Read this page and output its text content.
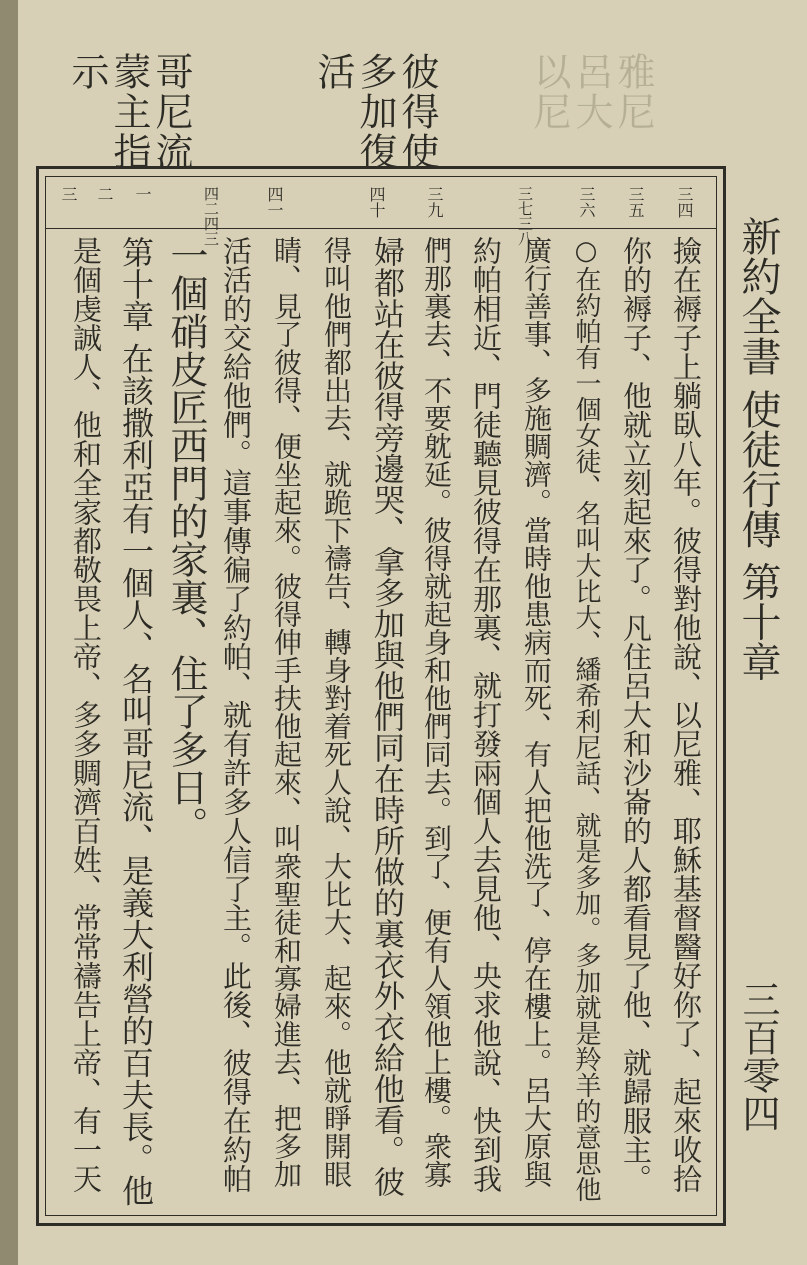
哥尼流
蒙主指
示	彼得使
多加復
活	雅尼
呂大
以尼
新約全書 使徒行傳 第十章
三百零四
三四
三五
三六
三七三八
三九
四十
四一
四二四三
一
二
三
撿在褥子上躺臥八年。彼得對他說、以尼雅、耶穌基督醫好你了、起來收拾
你的褥子、他就立刻起來了。凡住呂大和沙崙的人都看見了他、就歸服主。
○在約帕有一個女徒、名叫大比大、繙希利尼話、就是多加。多加就是羚羊的意思他
廣行善事、多施賙濟。當時他患病而死、有人把他洗了、停在樓上。呂大原與
約帕相近、門徒聽見彼得在那裏、就打發兩個人去見他、央求他說、快到我
們那裏去、不要躭延。彼得就起身和他們同去。到了、便有人領他上樓。衆寡
婦都站在彼得旁邊哭、拿多加與他們同在時所做的裏衣外衣給他看。彼
得叫他們都出去、就跪下禱告、轉身對着死人說、大比大、起來。他就睜開眼
睛、見了彼得、便坐起來。彼得伸手扶他起來、叫衆聖徒和寡婦進去、把多加
活活的交給他們。這事傳徧了約帕、就有許多人信了主。此後、彼得在約帕
一個硝皮匠西門的家裏、住了多日。
第十章 在該撒利亞有一個人、名叫哥尼流、是義大利營的百夫長。他
是個虔誠人、他和全家都敬畏上帝、多多賙濟百姓、常常禱告上帝、有一天
